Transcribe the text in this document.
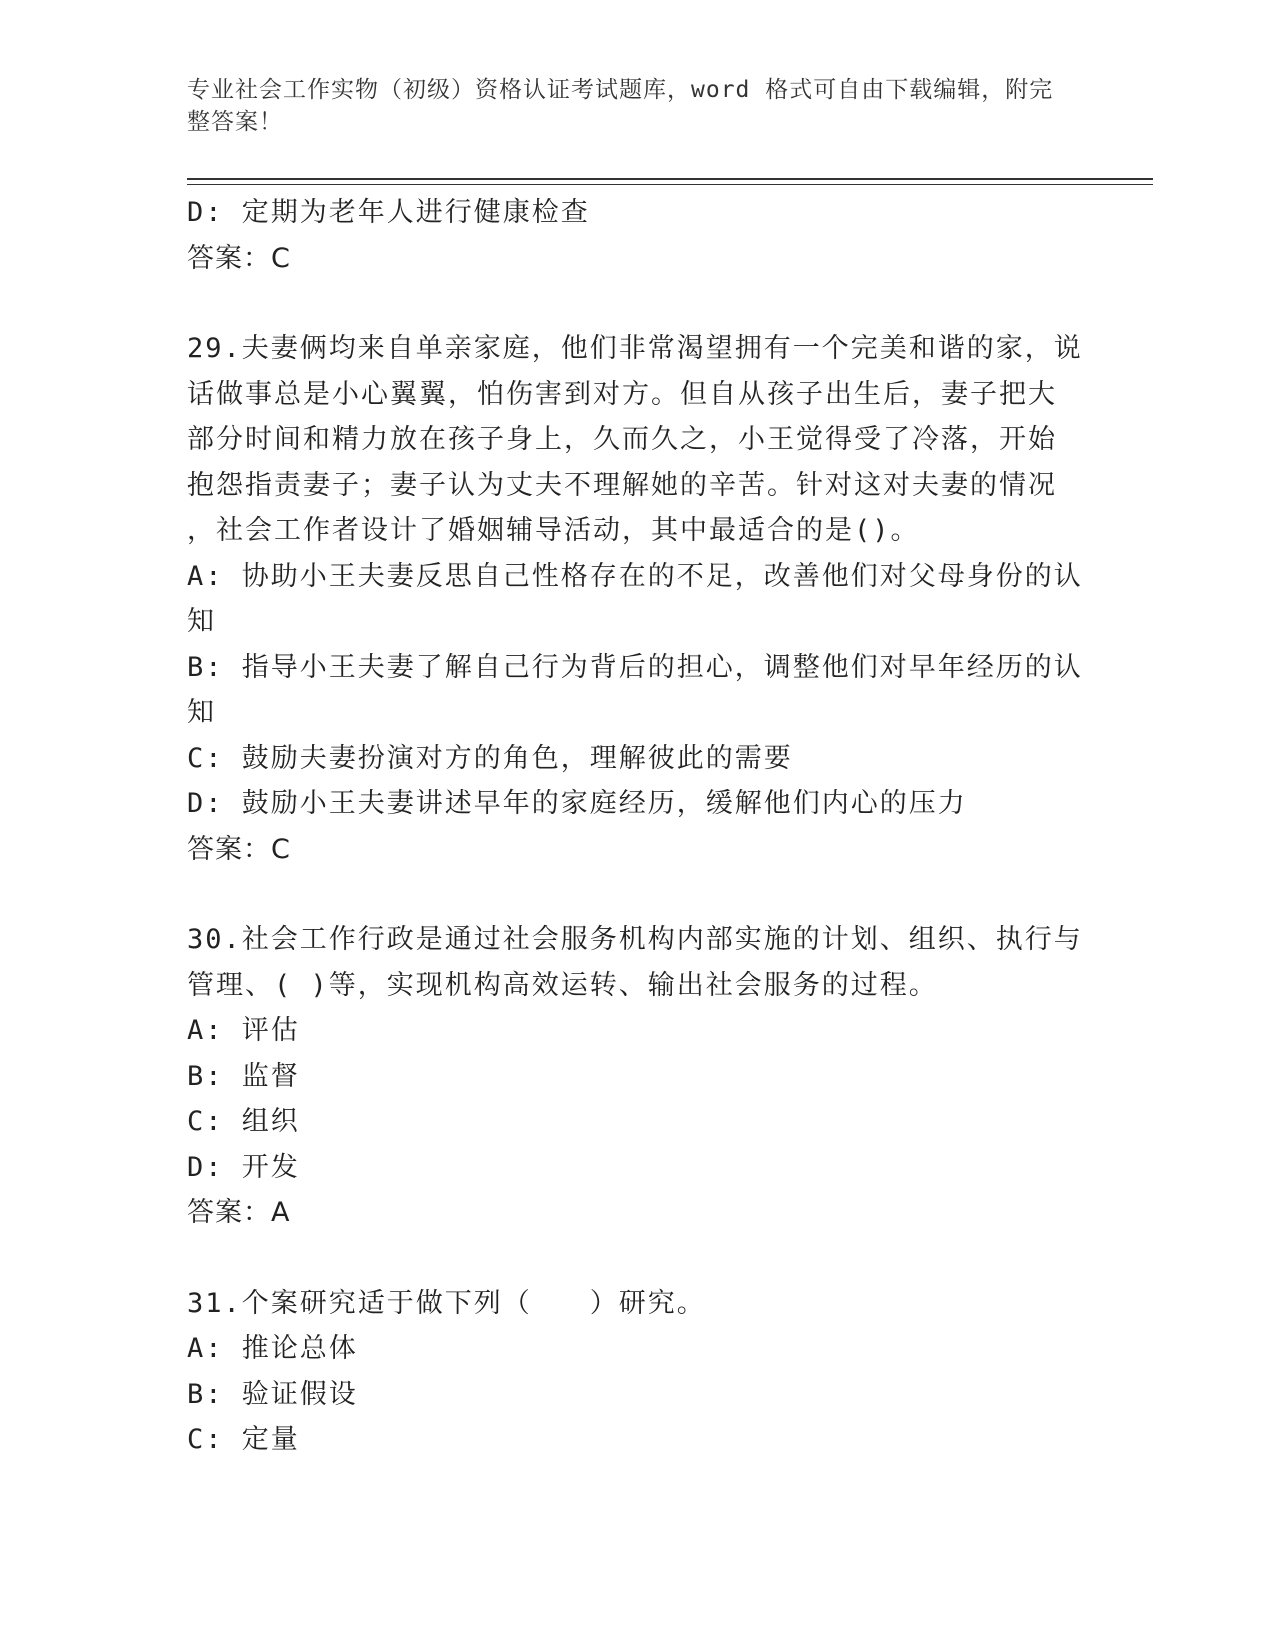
专业社会工作实物（初级）资格认证考试题库，word 格式可自由下载编辑，附完
整答案！
D: 定期为老年人进行健康检查
答案：C
29.夫妻俩均来自单亲家庭，他们非常渴望拥有一个完美和谐的家，说
话做事总是小心翼翼，怕伤害到对方。但自从孩子出生后，妻子把大
部分时间和精力放在孩子身上，久而久之，小王觉得受了冷落，开始
抱怨指责妻子；妻子认为丈夫不理解她的辛苦。针对这对夫妻的情况
，社会工作者设计了婚姻辅导活动，其中最适合的是()。
A: 协助小王夫妻反思自己性格存在的不足，改善他们对父母身份的认
知
B: 指导小王夫妻了解自己行为背后的担心，调整他们对早年经历的认
知
C: 鼓励夫妻扮演对方的角色，理解彼此的需要
D: 鼓励小王夫妻讲述早年的家庭经历，缓解他们内心的压力
答案：C
30.社会工作行政是通过社会服务机构内部实施的计划、组织、执行与
管理、( )等，实现机构高效运转、输出社会服务的过程。
A: 评估
B: 监督
C: 组织
D: 开发
答案：A
31.个案研究适于做下列（　　）研究。
A: 推论总体
B: 验证假设
C: 定量
